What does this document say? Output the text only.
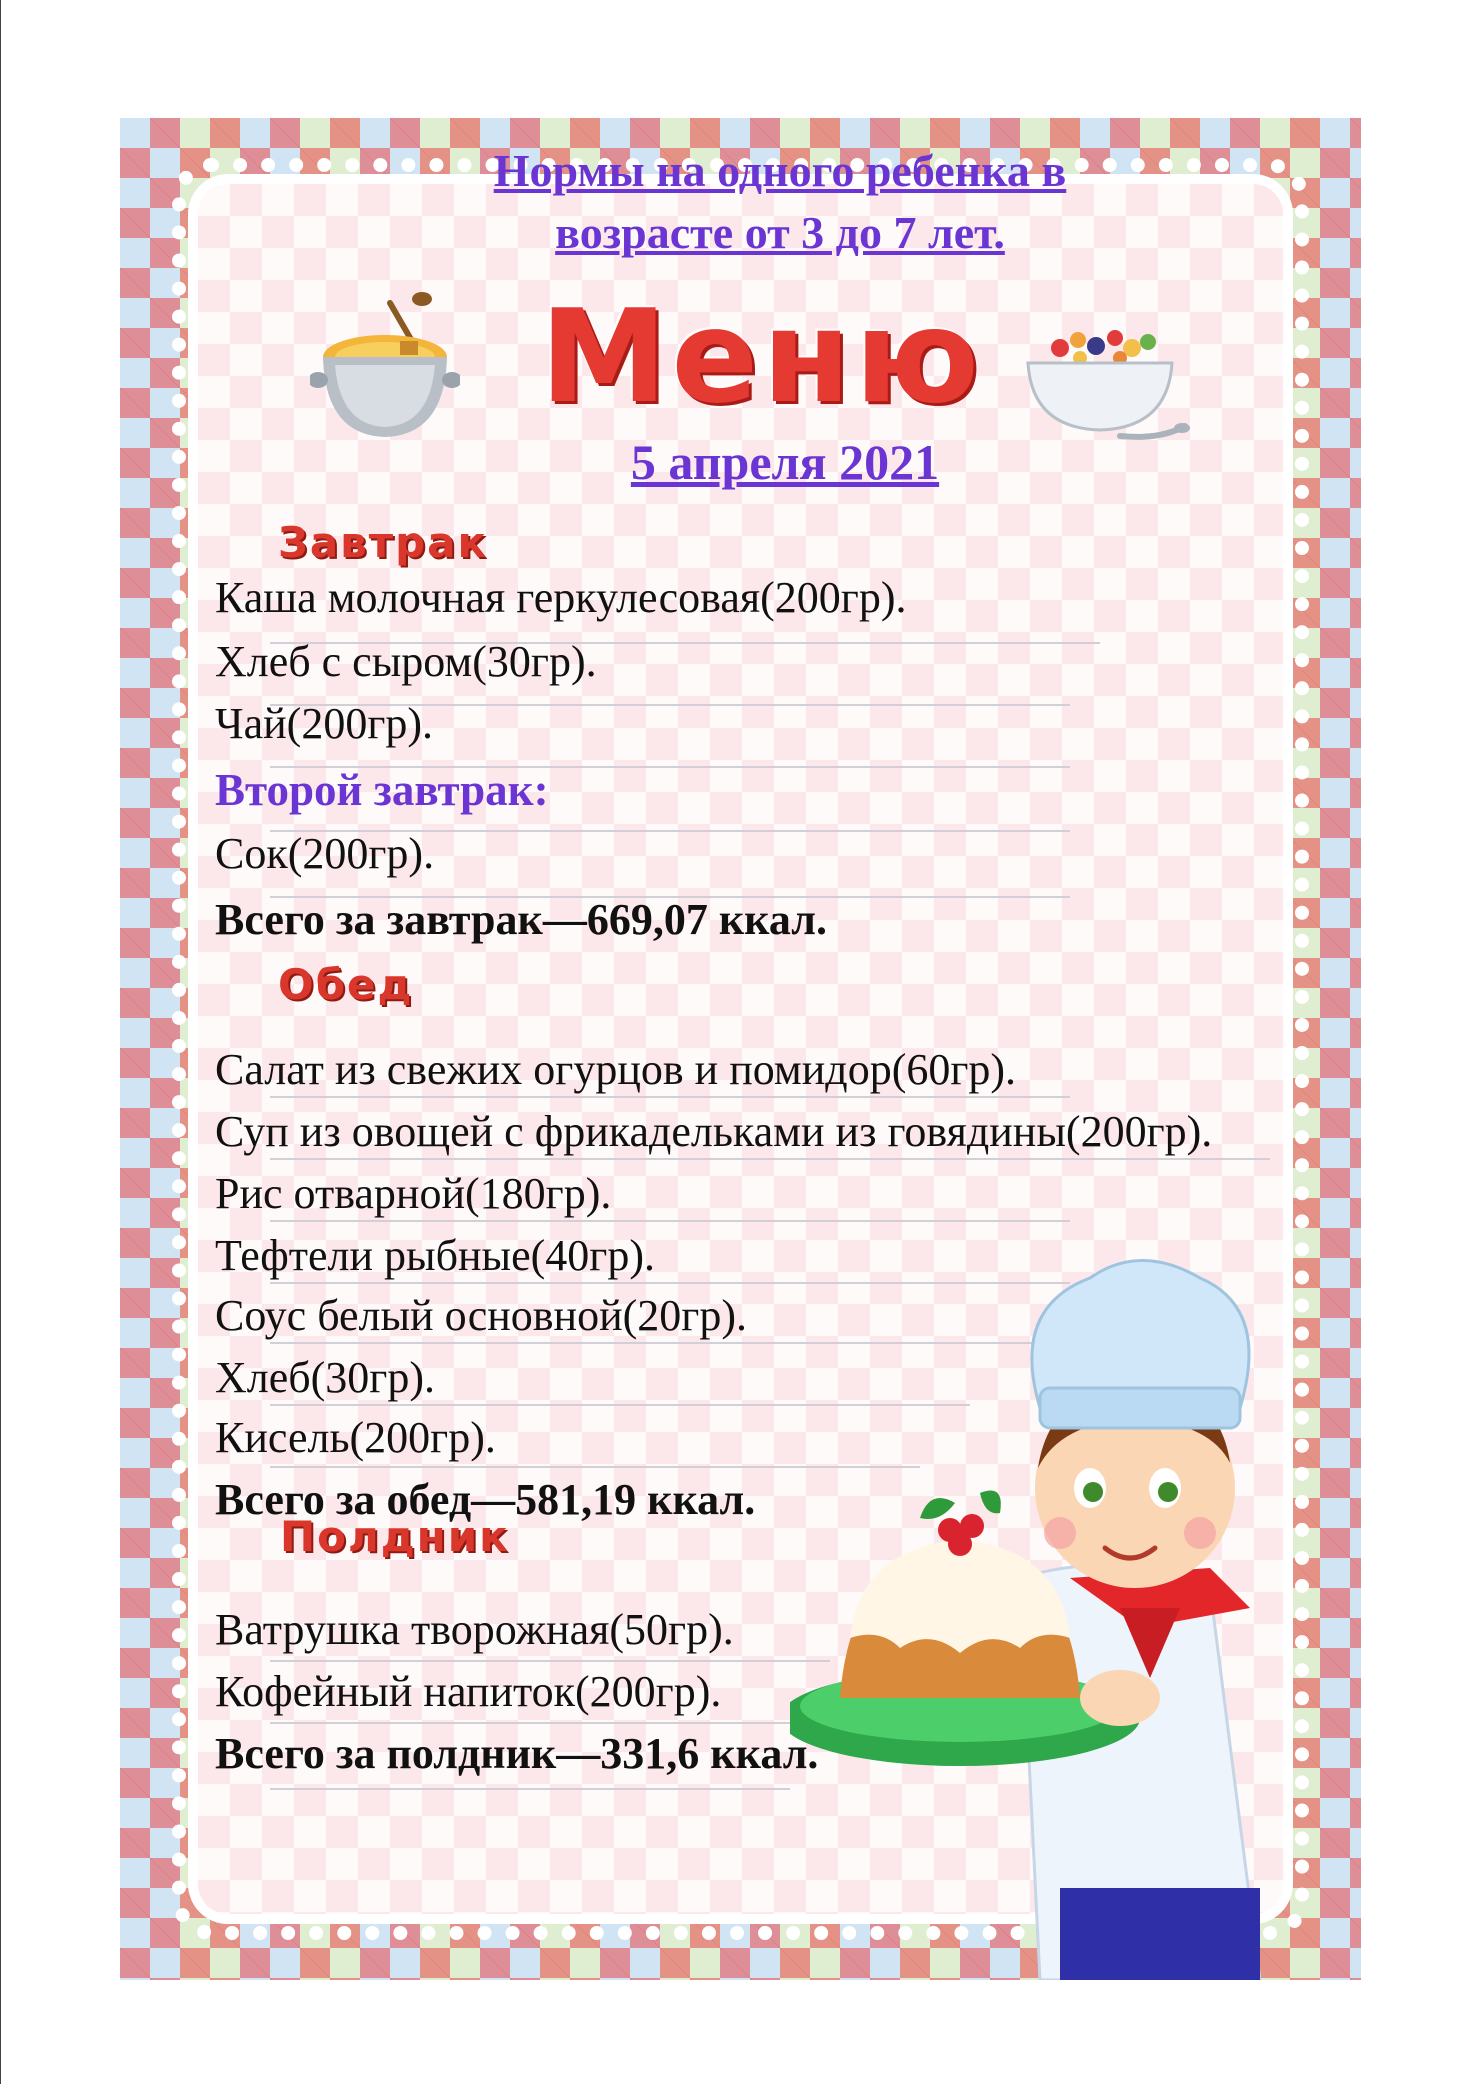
Нормы на одного ребенка в
возрасте от 3 до 7 лет.
Меню
5 апреля 2021
Завтрак
Каша молочная геркулесовая(200гр).
Хлеб с сыром(30гр).
Чай(200гр).
Второй завтрак:
Сок(200гр).
Всего за завтрак—669,07 ккал.
Обед
Салат из свежих огурцов и помидор(60гр).
Суп из овощей с фрикадельками из говядины(200гр).
Рис отварной(180гр).
Тефтели рыбные(40гр).
Соус белый основной(20гр).
Хлеб(30гр).
Кисель(200гр).
Всего за обед—581,19 ккал.
Полдник
Ватрушка творожная(50гр).
Кофейный напиток(200гр).
Всего за полдник—331,6 ккал.
